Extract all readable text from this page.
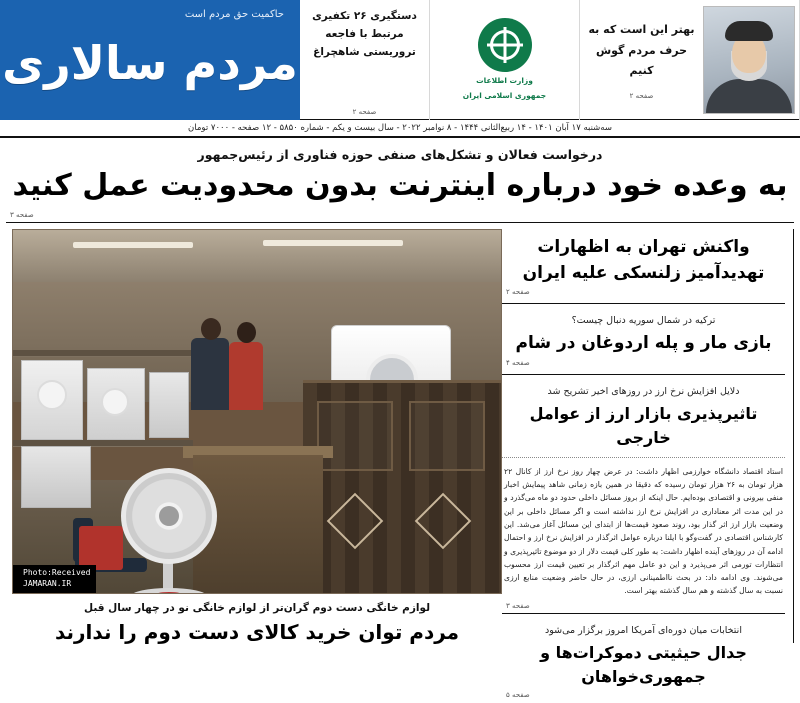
بهتر این است که به حرف مردم گوش کنیم
صفحه ۲
وزارت اطلاعات
جمهوری اسلامی ایران
دستگیری ۲۶ تکفیری مرتبط با فاجعه تروریستی شاهچراغ
صفحه ۲
حاکمیت حق مردم است
مردم سالاری
سه‌شنبه ۱۷ آبان ۱۴۰۱ - ۱۴ ربیع‌الثانی ۱۴۴۴ - ۸ نوامبر ۲۰۲۲ - سال بیست و یکم - شماره ۵۸۵۰ - ۱۲ صفحه - ۷۰۰۰ تومان
درخواست فعالان و تشکل‌های صنفی حوزه فناوری از رئیس‌جمهور
به وعده خود درباره اینترنت بدون محدودیت عمل کنید
صفحه ۳
واکنش تهران به اظهارات تهدیدآمیز زلنسکی علیه ایران
صفحه ۲
ترکیه در شمال سوریه دنبال چیست؟
بازی مار و پله اردوغان در شام
صفحه ۴
دلایل افزایش نرخ ارز در روزهای اخیر تشریح شد
تاثیرپذیری بازار ارز از عوامل خارجی
استاد اقتصاد دانشگاه خوارزمی اظهار داشت: در عرض چهار روز نرخ ارز از کانال ۲۲ هزار تومان به ۲۶ هزار تومان رسیده که دقیقا در همین بازه زمانی شاهد پیمایش اخبار منفی بیرونی و اقتصادی بوده‌ایم. حال اینکه از بروز مسائل داخلی حدود دو ماه می‌گذرد و در این مدت اثر معناداری در افزایش نرخ ارز نداشته است و اگر مسائل داخلی بر این وضعیت بازار ارز اثر گذار بود، روند صعود قیمت‌ها از ابتدای این مسائل آغاز می‌شد. این کارشناس اقتصادی در گفت‌وگو با ایلنا درباره عوامل اثرگذار در افزایش نرخ ارز و احتمال ادامه آن در روزهای آینده اظهار داشت: به طور کلی قیمت دلار از دو موضوع تاثیرپذیری و انتظارات تورمی اثر می‌پذیرد و این دو عامل مهم اثرگذار بر تعیین قیمت ارز محسوب می‌شوند. وی ادامه داد: در بحث نااطمینانی ارزی، در حال حاضر وضعیت منابع ارزی نسبت به سال گذشته و هم سال گذشته بهتر است.
صفحه ۳
انتخابات میان دوره‌ای آمریکا امروز برگزار می‌شود
جدال حیثیتی دموکرات‌ها و جمهوری‌خواهان
صفحه ۵
Photo:Received
JAMARAN.IR
لوازم خانگی دست دوم گران‌تر از لوازم خانگی نو در چهار سال قبل
مردم توان خرید کالای دست دوم را ندارند
